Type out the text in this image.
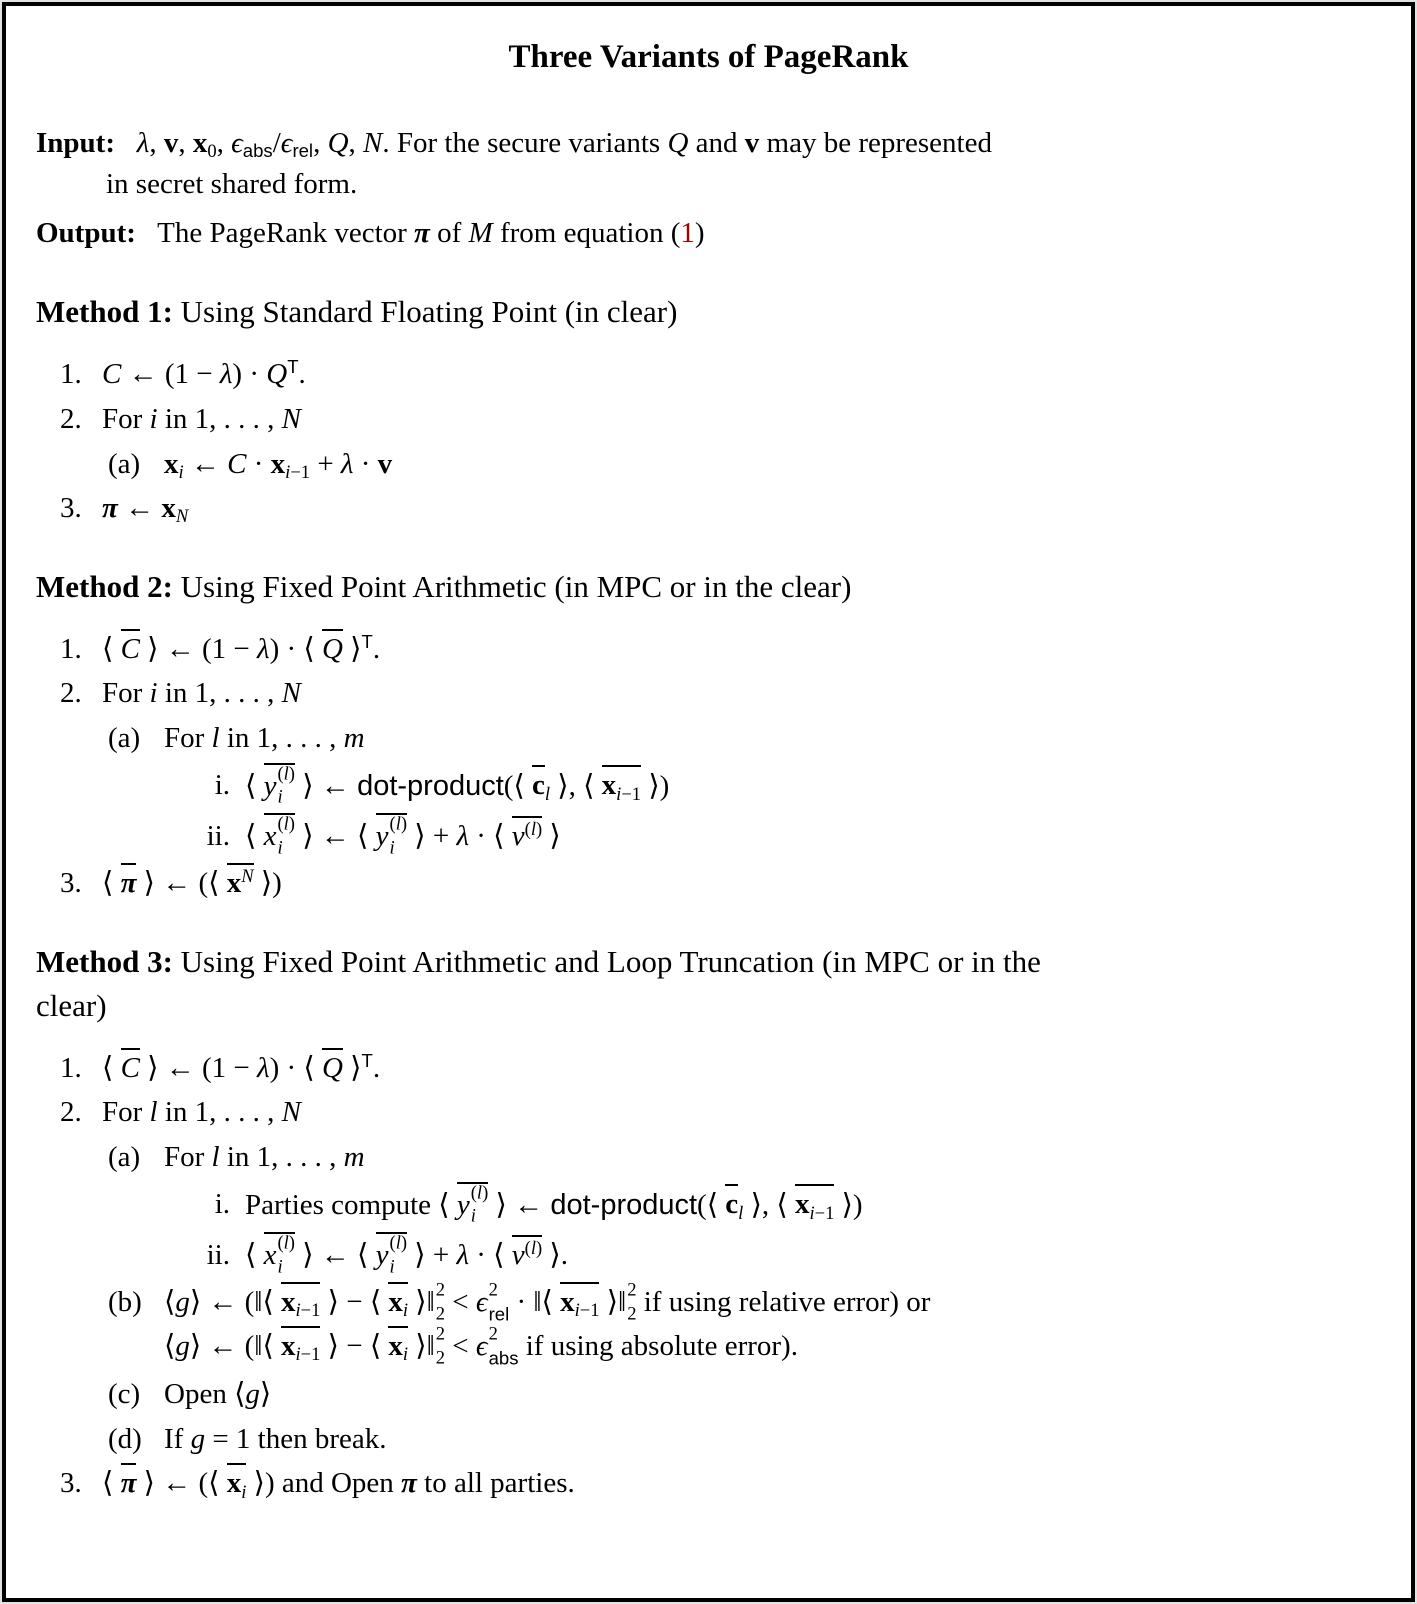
Three Variants of PageRank

Input: λ, v, $x_0$, $\epsilon_{abs}/\epsilon_{rel}$, Q, N. For the secure variants Q and v may be represented
in secret shared form.

Output:   The PageRank vector π of M from equation (1)

Method 1: Using Standard Floating Point (in clear)
1. C ← $(1 - \lambda) \cdot Q^T$.
2. For i in 1, . . . , N
(a) $x_i$ ← $C \cdot x_{i-1} + \lambda \cdot v$
3. π ← $x_N$
Method 2: Using Fixed Point Arithmetic (in MPC or in the clear)
1. ⟨ C ⟩ ← (1 − λ) · ⟨ Q ⟩$^T$.
2. For i in 1, . . . , N
(a) For l in 1, . . . , m
i. ⟨ y (l)
i ⟩ ← dot-product(⟨ $c_l$ ⟩, ⟨ $x_{i-1}$ ⟩)
ii. ⟨ x (l)
i ⟩ ← ⟨ y (l)
i ⟩ + λ · ⟨ $v^{(l)}$ ⟩
3. ⟨ π ⟩ ← (⟨ $x^N$ ⟩)
Method 3: Using Fixed Point Arithmetic and Loop Truncation (in MPC or in the
clear)
1. ⟨ C ⟩ ← (1 − λ) · ⟨ Q ⟩$^T$.
2. For l in 1, . . . , N
(a) For l in 1, . . . , m
i. Parties compute ⟨ y (l)
i ⟩ ← dot-product(⟨ $c_l$ ⟩, ⟨ $x_{i-1}$ ⟩)
ii. ⟨ x (l)
i ⟩ ← ⟨ y (l)
i ⟩ + λ · ⟨ $v^{(l)}$ ⟩.
(b) ⟨g⟩ ← (‖⟨ $x_{i-1}$ ⟩ − ⟨ $x_i$ ⟩‖ 2
2 < ϵ 2
rel · ‖⟨ $x_{i-1}$ ⟩‖ 2
2 if using relative error) or
⟨g⟩ ← (‖⟨ $x_{i-1}$ ⟩ − ⟨ $x_i$ ⟩‖ 2
2 < ϵ 2
abs if using absolute error).
(c) Open ⟨g⟩
(d) If g = 1 then break.
3. ⟨ π ⟩ ← (⟨ $x_i$ ⟩) and Open π to all parties.
